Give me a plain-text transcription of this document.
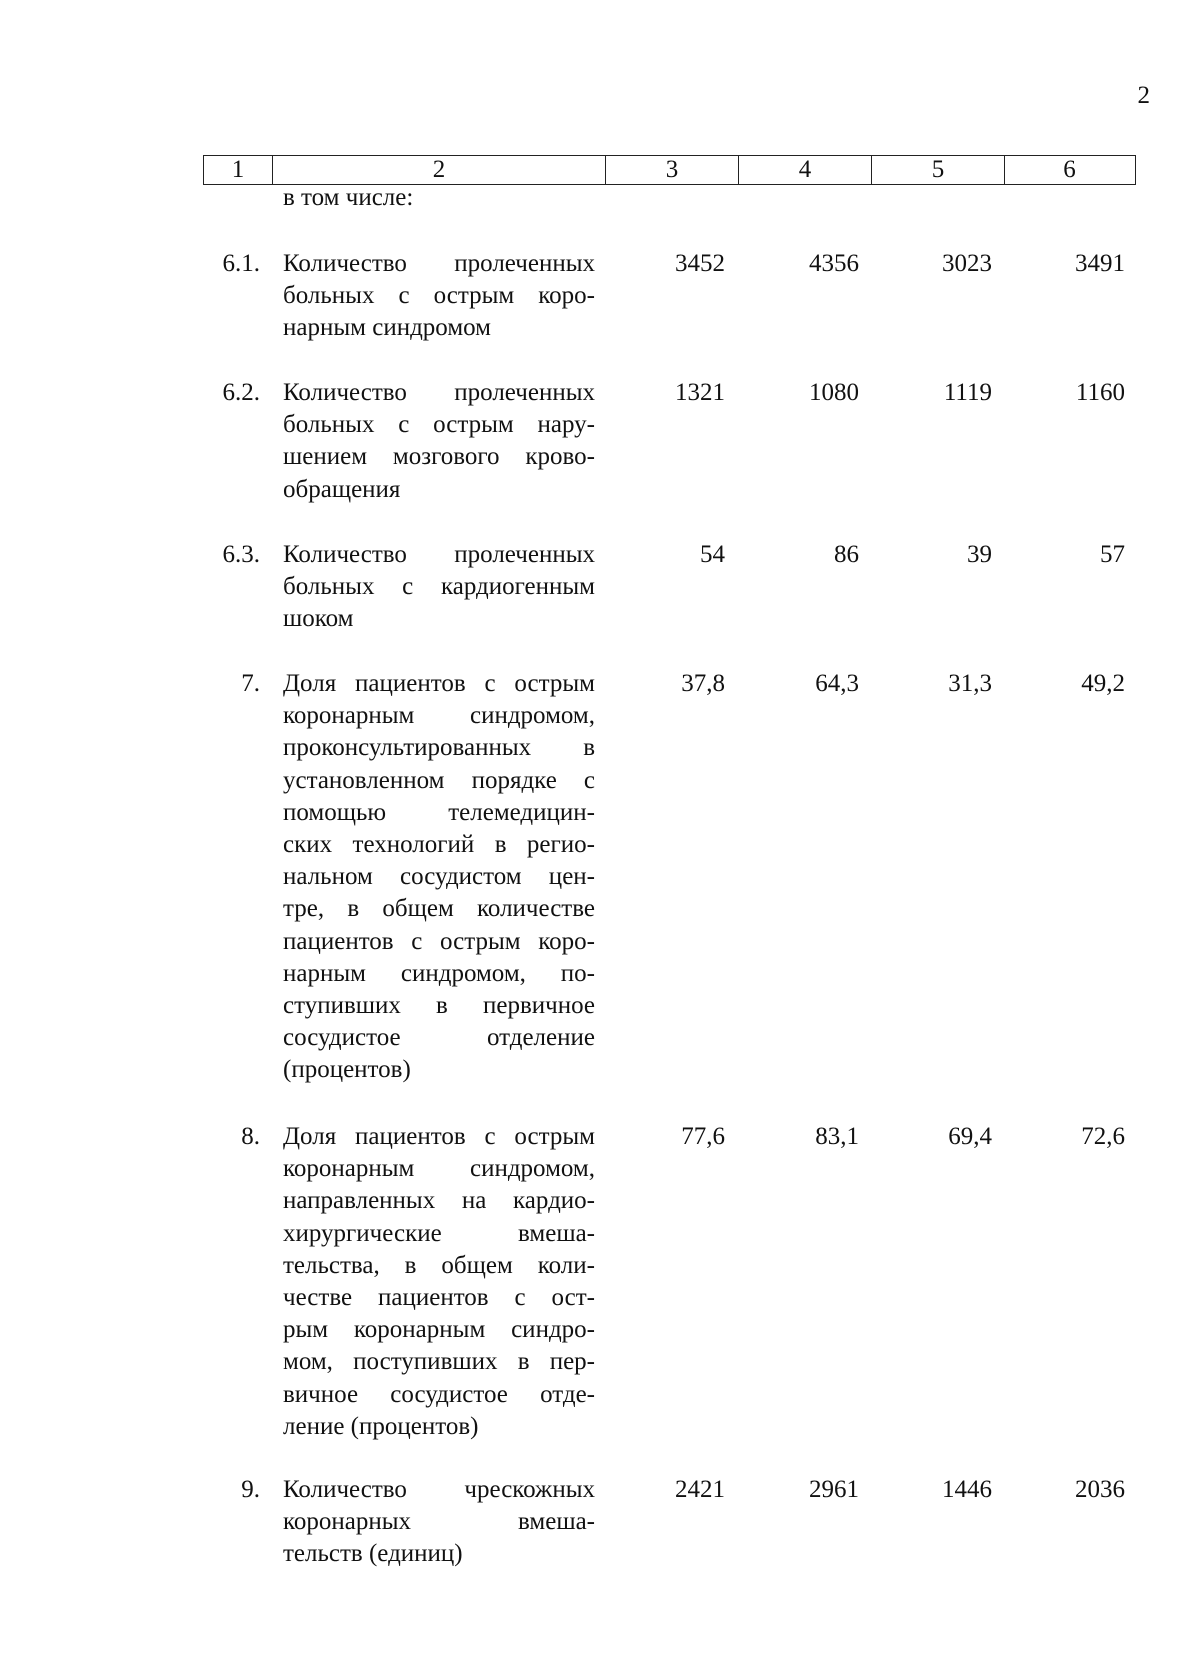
2
1	2	3	4	5	6
в том числе:
6.1. Количество пролеченных
больных с острым коро-
нарным синдромом
3452	4356	3023	3491
6.2. Количество пролеченных
больных с острым нару-
шением мозгового крово-
обращения
1321	1080	1119	1160
6.3. Количество пролеченных
больных с кардиогенным
шоком
54	86	39	57
7. Доля пациентов с острым
коронарным синдромом,
проконсультированных в
установленном порядке с
помощью телемедицин-
ских технологий в регио-
нальном сосудистом цен-
тре, в общем количестве
пациентов с острым коро-
нарным синдромом, по-
ступивших в первичное
сосудистое отделение
(процентов)
37,8	64,3	31,3	49,2
8. Доля пациентов с острым
коронарным синдромом,
направленных на кардио-
хирургические вмеша-
тельства, в общем коли-
честве пациентов с ост-
рым коронарным синдро-
мом, поступивших в пер-
вичное сосудистое отде-
ление (процентов)
77,6	83,1	69,4	72,6
9. Количество чрескожных
коронарных вмеша-
тельств (единиц)
2421	2961	1446	2036
